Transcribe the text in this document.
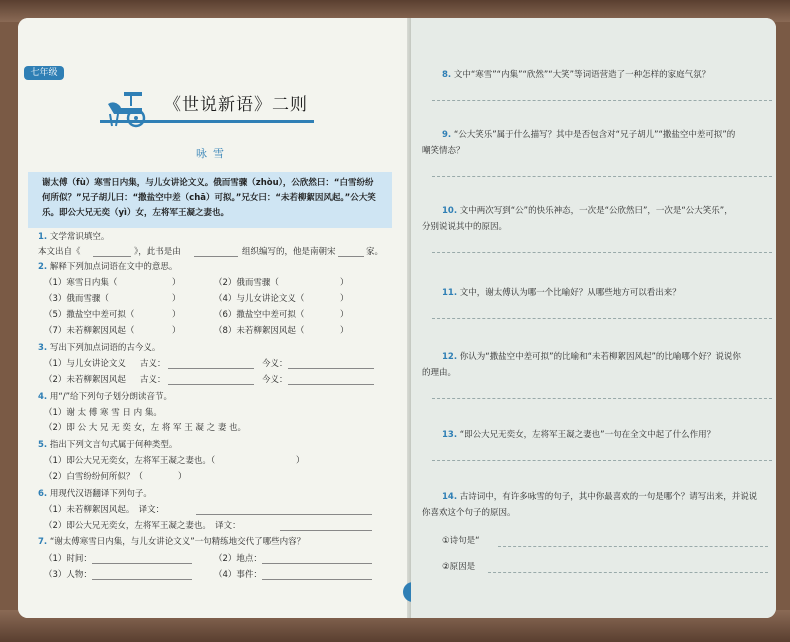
七年级
《世说新语》二则
咏雪
谢太傅（fù）寒雪日内集，与儿女讲论文义。俄而雪骤（zhòu），公欣然曰：“白雪纷纷
何所似？”兄子胡儿曰：“撒盐空中差（chā）可拟。”兄女曰：“未若柳絮因风起。”公大笑
乐。即公大兄无奕（yì）女，左将军王凝之妻也。
1. 文学常识填空。
本文出自《	》，此书是由	组织编写的，他是南朝宋	家。
2. 解释下列加点词语在文中的意思。
（1）寒雪日内集（	）	（2）俄而雪骤（	）
（3）俄而雪骤（	）	（4）与儿女讲论文义（	）
（5）撒盐空中差可拟（	）	（6）撒盐空中差可拟（	）
（7）未若柳絮因风起（	）	（8）未若柳絮因风起（	）
3. 写出下列加点词语的古今义。
（1）与儿女讲论文义 古义：	今义：
（2）未若柳絮因风起 古义：	今义：
4. 用“/”给下列句子划分朗读音节。
（1）谢 太 傅 寒 雪 日 内 集。
（2）即 公 大 兄 无 奕 女，左 将 军 王 凝 之 妻 也。
5. 指出下列文言句式属于何种类型。
（1）即公大兄无奕女，左将军王凝之妻也。（	）
（2）白雪纷纷何所似？（	）
6. 用现代汉语翻译下列句子。
（1）未若柳絮因风起。　译文：
（2）即公大兄无奕女，左将军王凝之妻也。　译文：
7. “谢太傅寒雪日内集，与儿女讲论文义”一句精练地交代了哪些内容？
（1）时间：	（2）地点：
（3）人物：	（4）事件：
8. 文中“寒雪”“内集”“欣然”“大笑”等词语营造了一种怎样的家庭气氛？
9. “公大笑乐”属于什么描写？其中是否包含对“兄子胡儿”“撒盐空中差可拟”的
嘲笑情态？
10. 文中两次写到“公”的快乐神态，一次是“公欣然曰”，一次是“公大笑乐”，
分别说说其中的原因。
11. 文中，谢太傅认为哪一个比喻好？从哪些地方可以看出来？
12. 你认为“撒盐空中差可拟”的比喻和“未若柳絮因风起”的比喻哪个好？说说你
的理由。
13. “即公大兄无奕女，左将军王凝之妻也”一句在全文中起了什么作用？
14. 古诗词中，有许多咏雪的句子，其中你最喜欢的一句是哪个？请写出来，并说说
你喜欢这个句子的原因。
①诗句是“
②原因是
